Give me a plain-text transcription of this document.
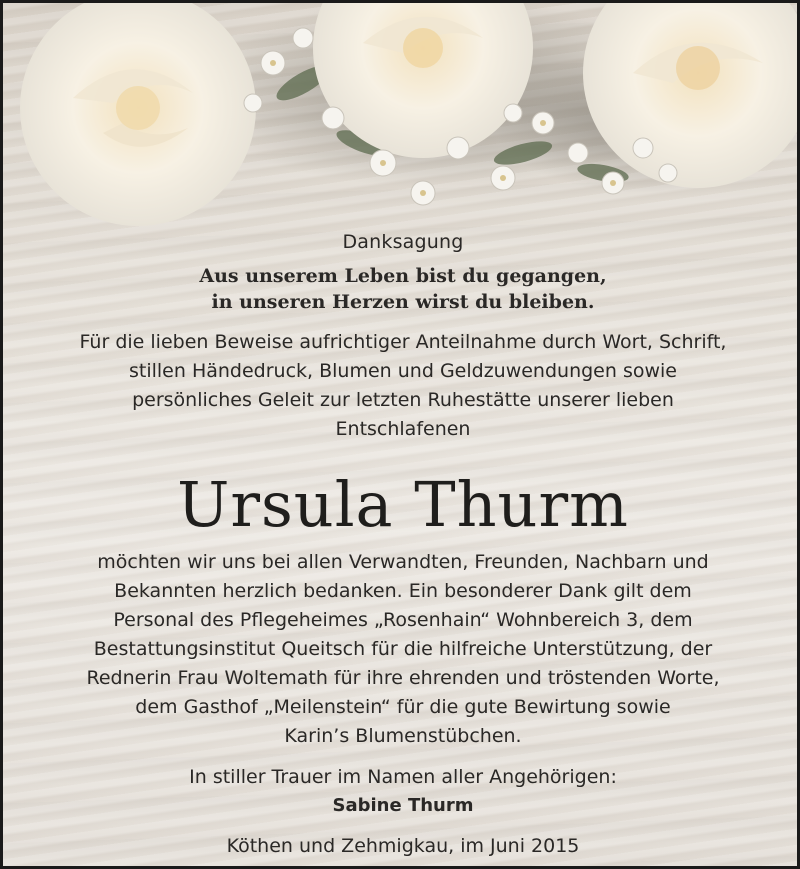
Danksagung
Aus unserem Leben bist du gegangen,
in unseren Herzen wirst du bleiben.
Für die lieben Beweise aufrichtiger Anteilnahme durch Wort, Schrift,
stillen Händedruck, Blumen und Geldzuwendungen sowie
persönliches Geleit zur letzten Ruhestätte unserer lieben
Entschlafenen
Ursula Thurm
möchten wir uns bei allen Verwandten, Freunden, Nachbarn und
Bekannten herzlich bedanken. Ein besonderer Dank gilt dem
Personal des Pflegeheimes „Rosenhain“ Wohnbereich 3, dem
Bestattungsinstitut Queitsch für die hilfreiche Unterstützung, der
Rednerin Frau Woltemath für ihre ehrenden und tröstenden Worte,
dem Gasthof „Meilenstein“ für die gute Bewirtung sowie
Karin’s Blumenstübchen.
In stiller Trauer im Namen aller Angehörigen:
Sabine Thurm
Köthen und Zehmigkau, im Juni 2015
